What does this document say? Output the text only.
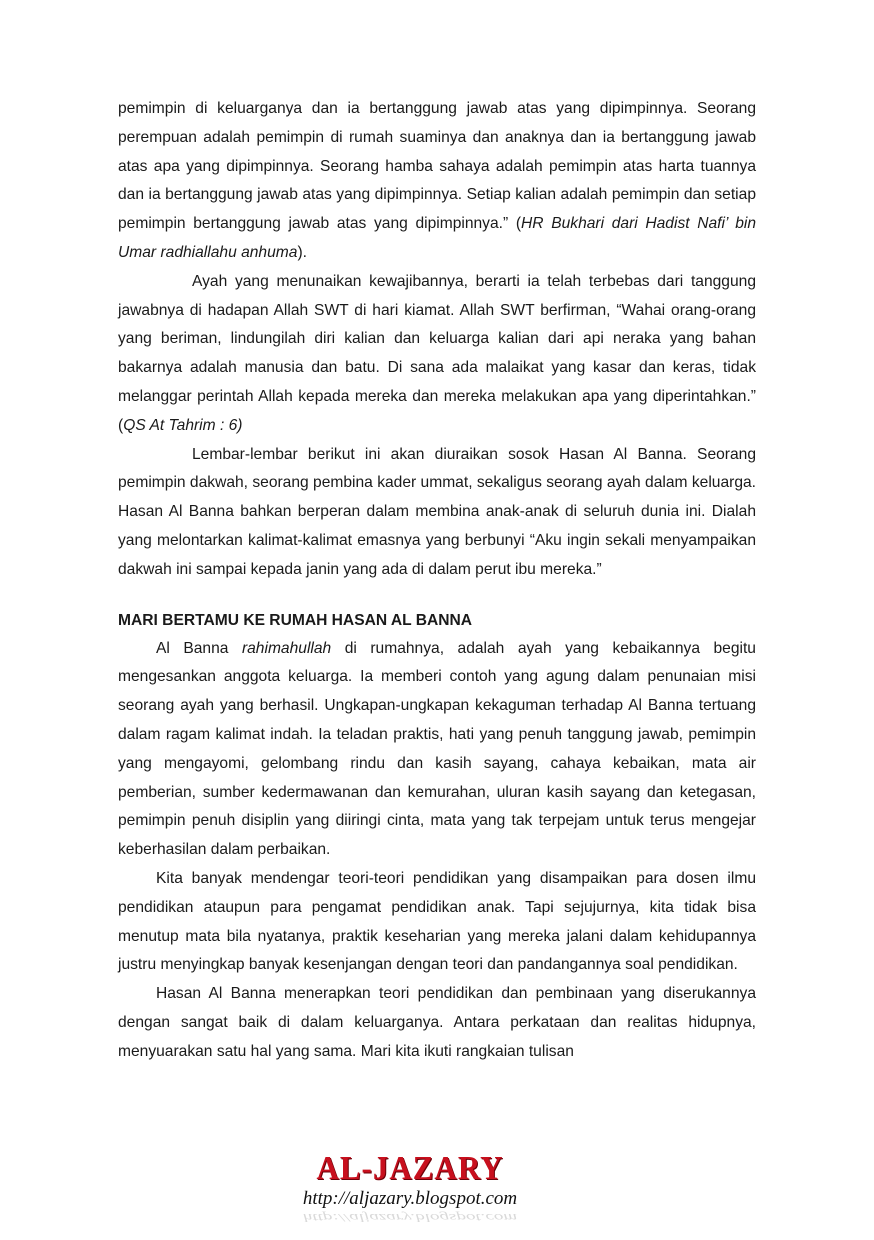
pemimpin di keluarganya dan ia bertanggung jawab atas yang dipimpinnya. Seorang perempuan adalah pemimpin di rumah suaminya dan anaknya dan ia bertanggung jawab atas apa yang dipimpinnya. Seorang hamba sahaya adalah pemimpin atas harta tuannya dan ia bertanggung jawab atas yang dipimpinnya. Setiap kalian adalah pemimpin dan setiap pemimpin bertanggung jawab atas yang dipimpinnya.” (HR Bukhari dari Hadist Nafi’ bin Umar radhiallahu anhuma).

Ayah yang menunaikan kewajibannya, berarti ia telah terbebas dari tanggung jawabnya di hadapan Allah SWT di hari kiamat. Allah SWT berfirman, “Wahai orang-orang yang beriman, lindungilah diri kalian dan keluarga kalian dari api neraka yang bahan bakarnya adalah manusia dan batu. Di sana ada malaikat yang kasar dan keras, tidak melanggar perintah Allah kepada mereka dan mereka melakukan apa yang diperintahkan.” (QS At Tahrim : 6)

Lembar-lembar berikut ini akan diuraikan sosok Hasan Al Banna. Seorang pemimpin dakwah, seorang pembina kader ummat, sekaligus seorang ayah dalam keluarga. Hasan Al Banna bahkan berperan dalam membina anak-anak di seluruh dunia ini. Dialah yang melontarkan kalimat-kalimat emasnya yang berbunyi “Aku ingin sekali menyampaikan dakwah ini sampai kepada janin yang ada di dalam perut ibu mereka.”

MARI BERTAMU KE RUMAH HASAN AL BANNA

Al Banna rahimahullah di rumahnya, adalah ayah yang kebaikannya begitu mengesankan anggota keluarga. Ia memberi contoh yang agung dalam penunaian misi seorang ayah yang berhasil. Ungkapan-ungkapan kekaguman terhadap Al Banna tertuang dalam ragam kalimat indah. Ia teladan praktis, hati yang penuh tanggung jawab, pemimpin yang mengayomi, gelombang rindu dan kasih sayang, cahaya kebaikan, mata air pemberian, sumber kedermawanan dan kemurahan, uluran kasih sayang dan ketegasan, pemimpin penuh disiplin yang diiringi cinta, mata yang tak terpejam untuk terus mengejar keberhasilan dalam perbaikan.

Kita banyak mendengar teori-teori pendidikan yang disampaikan para dosen ilmu pendidikan ataupun para pengamat pendidikan anak. Tapi sejujurnya, kita tidak bisa menutup mata bila nyatanya, praktik keseharian yang mereka jalani dalam kehidupannya justru menyingkap banyak kesenjangan dengan teori dan pandangannya soal pendidikan.

Hasan Al Banna menerapkan teori pendidikan dan pembinaan yang diserukannya dengan sangat baik di dalam keluarganya. Antara perkataan dan realitas hidupnya, menyuarakan satu hal yang sama. Mari kita ikuti rangkaian tulisan

AL-JAZARY
http://aljazary.blogspot.com
http://aljazary.blogspot.com
